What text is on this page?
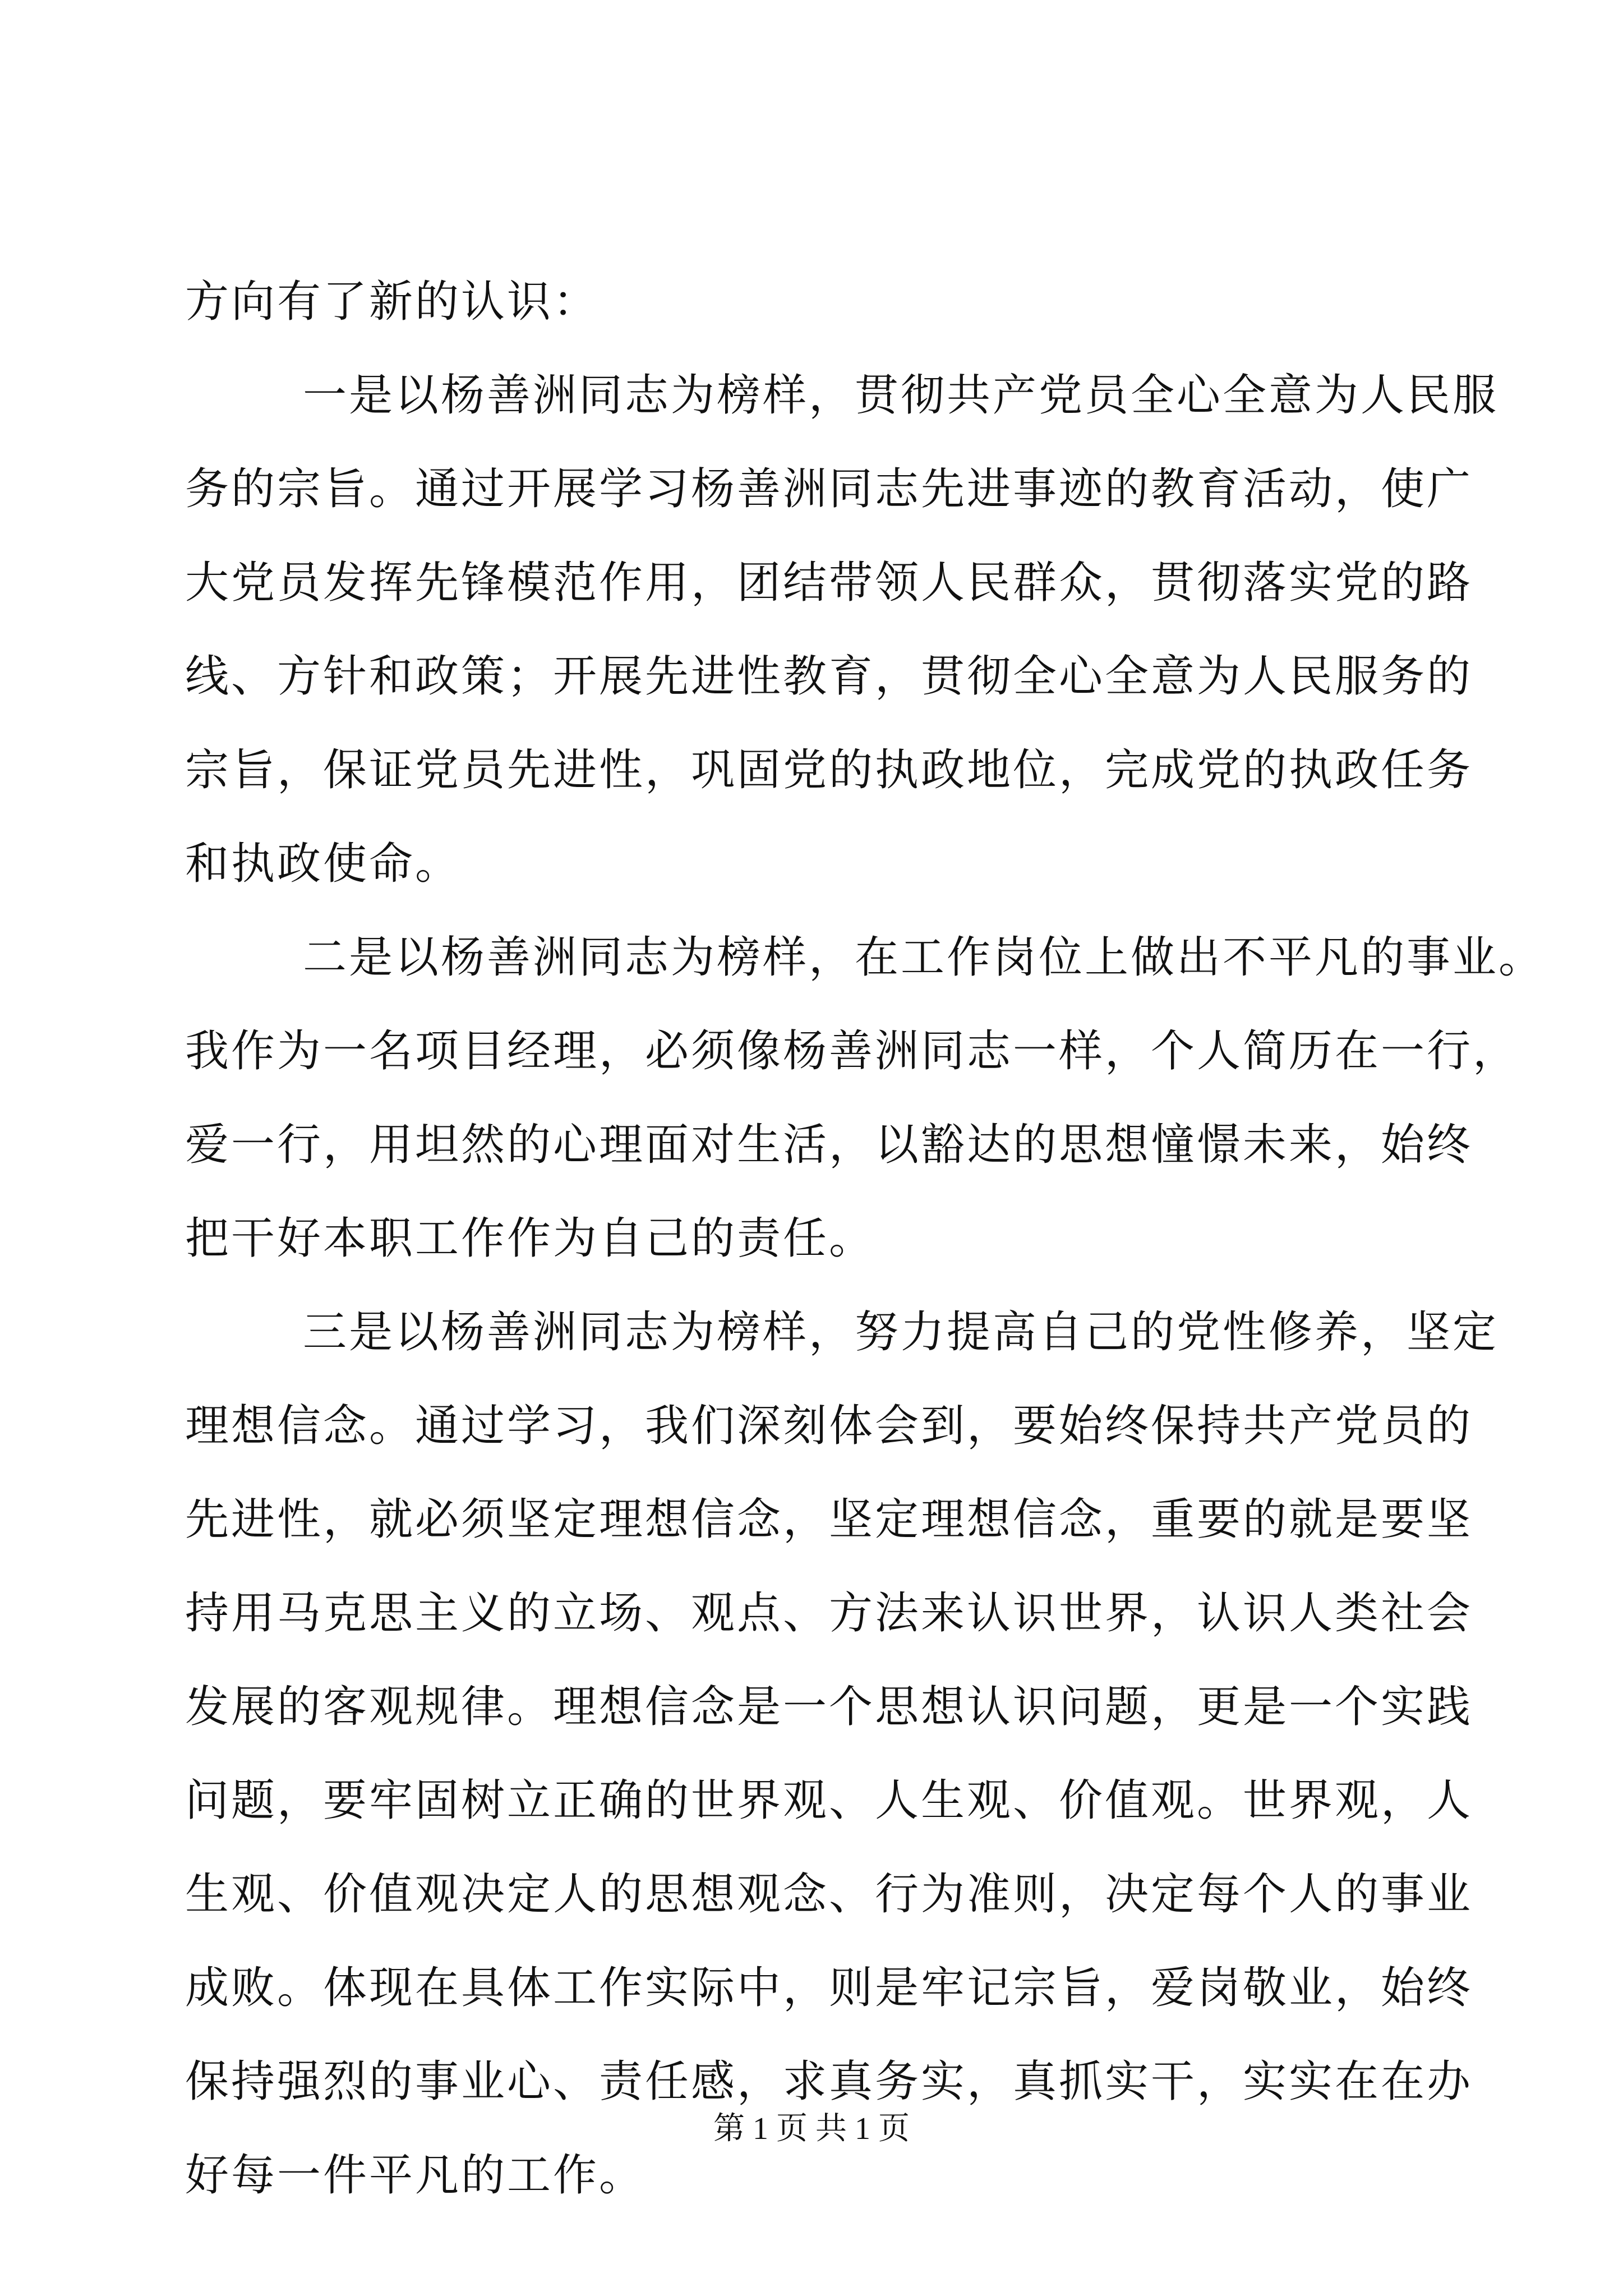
方向有了新的认识：
一是以杨善洲同志为榜样，贯彻共产党员全心全意为人民服
务的宗旨。通过开展学习杨善洲同志先进事迹的教育活动，使广
大党员发挥先锋模范作用，团结带领人民群众，贯彻落实党的路
线、方针和政策；开展先进性教育，贯彻全心全意为人民服务的
宗旨，保证党员先进性，巩固党的执政地位，完成党的执政任务
和执政使命。
二是以杨善洲同志为榜样，在工作岗位上做出不平凡的事业。
我作为一名项目经理，必须像杨善洲同志一样，个人简历在一行，
爱一行，用坦然的心理面对生活，以豁达的思想憧憬未来，始终
把干好本职工作作为自己的责任。
三是以杨善洲同志为榜样，努力提高自己的党性修养，坚定
理想信念。通过学习，我们深刻体会到，要始终保持共产党员的
先进性，就必须坚定理想信念，坚定理想信念，重要的就是要坚
持用马克思主义的立场、观点、方法来认识世界，认识人类社会
发展的客观规律。理想信念是一个思想认识问题，更是一个实践
问题，要牢固树立正确的世界观、人生观、价值观。世界观，人
生观、价值观决定人的思想观念、行为准则，决定每个人的事业
成败。体现在具体工作实际中，则是牢记宗旨，爱岗敬业，始终
保持强烈的事业心、责任感，求真务实，真抓实干，实实在在办
好每一件平凡的工作。
第 1 页 共 1 页
